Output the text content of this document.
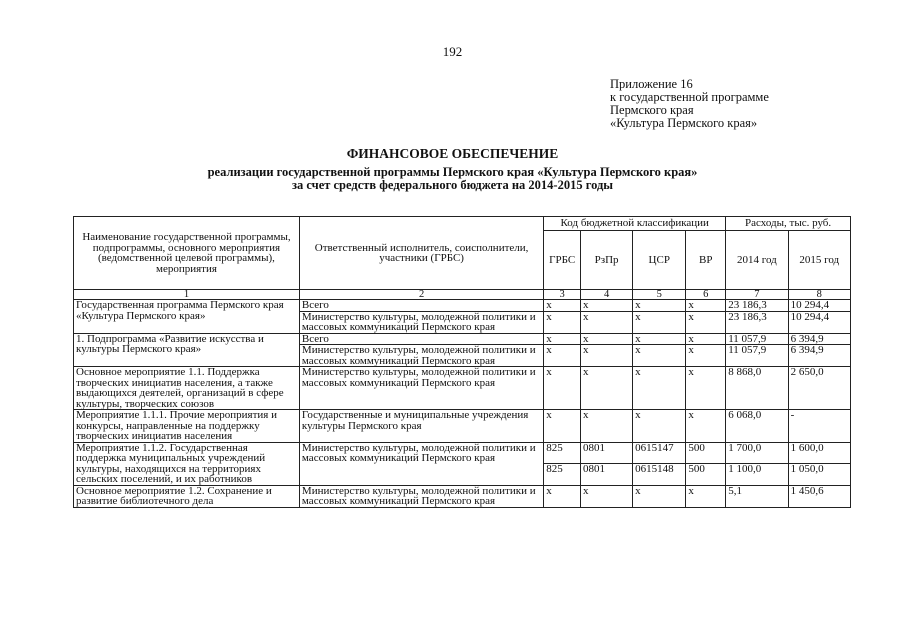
192
Приложение 16
к государственной программе
Пермского края
«Культура Пермского края»
ФИНАНСОВОЕ ОБЕСПЕЧЕНИЕ
реализации государственной программы Пермского края «Культура Пермского края»
за счет средств федерального бюджета на 2014-2015 годы
Наименование государственной программы, подпрограммы, основного мероприятия (ведомственной целевой программы), мероприятия	Ответственный исполнитель, соисполнители, участники (ГРБС)	Код бюджетной классификации				Расходы, тыс. руб.	
		ГРБС	РзПр	ЦСР	ВР	2014 год	2015 год
1	2	3	4	5	6	7	8
Государственная программа Пермского края «Культура Пермского края»	Всего	x	x	x	x	23 186,3	10 294,4
	Министерство культуры, молодежной политики и массовых коммуникаций Пермского края	x	x	x	x	23 186,3	10 294,4
1. Подпрограмма «Развитие искусства и культуры Пермского края»	Всего	x	x	x	x	11 057,9	6 394,9
	Министерство культуры, молодежной политики и массовых коммуникаций Пермского края	x	x	x	x	11 057,9	6 394,9
Основное мероприятие 1.1. Поддержка творческих инициатив населения, а также выдающихся деятелей, организаций в сфере культуры, творческих союзов	Министерство культуры, молодежной политики и массовых коммуникаций Пермского края	x	x	x	x	8 868,0	2 650,0
Мероприятие 1.1.1. Прочие мероприятия и конкурсы, направленные на поддержку творческих инициатив населения	Государственные и муниципальные учреждения культуры Пермского края	x	x	x	x	6 068,0	-
Мероприятие 1.1.2. Государственная поддержка муниципальных учреждений культуры, находящихся на территориях сельских поселений, и их работников	Министерство культуры, молодежной политики и массовых коммуникаций Пермского края	825	0801	0615147	500	1 700,0	1 600,0
		825	0801	0615148	500	1 100,0	1 050,0
Основное мероприятие 1.2. Сохранение и развитие библиотечного дела	Министерство культуры, молодежной политики и массовых коммуникаций Пермского края	x	x	x	x	5,1	1 450,6
